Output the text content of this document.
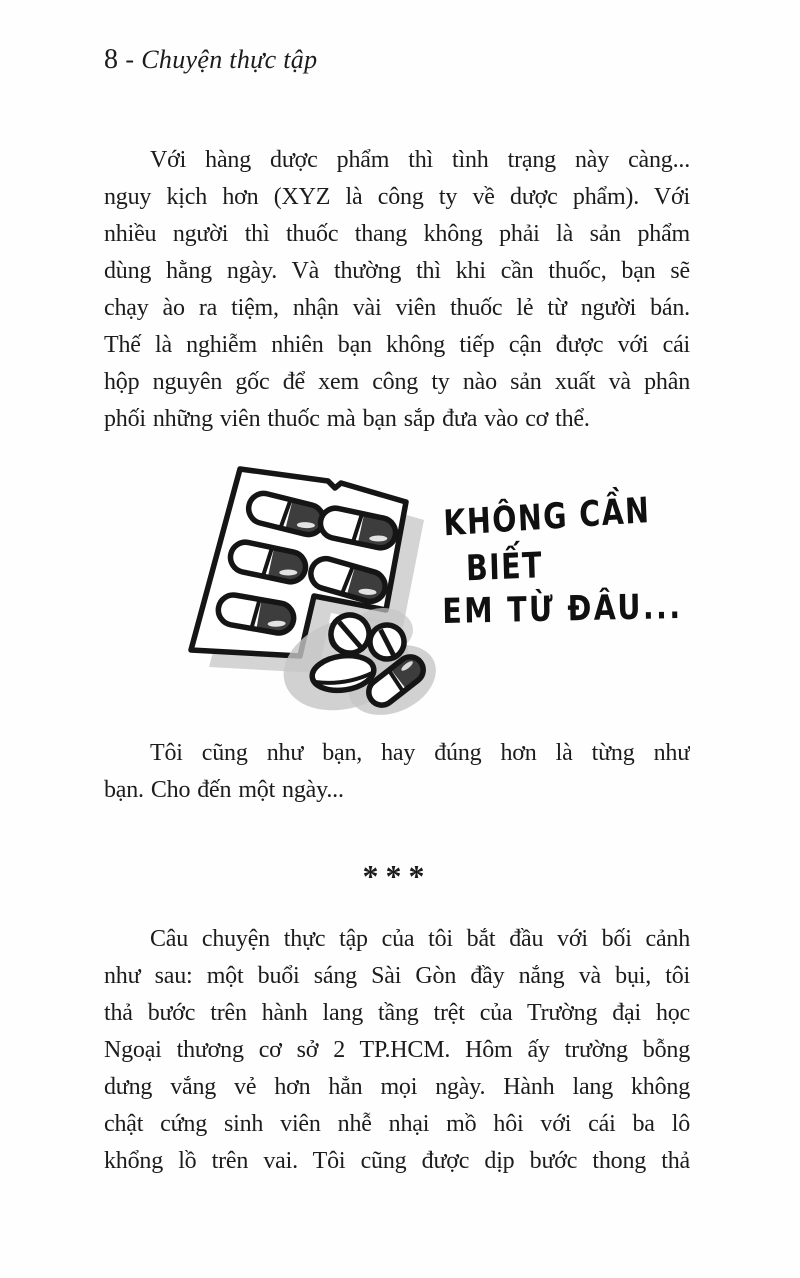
8 - Chuyện thực tập
Với hàng dược phẩm thì tình trạng này càng...
nguy kịch hơn (XYZ là công ty về dược phẩm). Với
nhiều người thì thuốc thang không phải là sản phẩm
dùng hằng ngày. Và thường thì khi cần thuốc, bạn sẽ
chạy ào ra tiệm, nhận vài viên thuốc lẻ từ người bán.
Thế là nghiễm nhiên bạn không tiếp cận được với cái
hộp nguyên gốc để xem công ty nào sản xuất và phân
phối những viên thuốc mà bạn sắp đưa vào cơ thể.
KHÔNG CẦN
BIẾT
EM TỪ ĐÂU...
Tôi cũng như bạn, hay đúng hơn là từng như
bạn. Cho đến một ngày...
***
Câu chuyện thực tập của tôi bắt đầu với bối cảnh
như sau: một buổi sáng Sài Gòn đầy nắng và bụi, tôi
thả bước trên hành lang tầng trệt của Trường đại học
Ngoại thương cơ sở 2 TP.HCM. Hôm ấy trường bỗng
dưng vắng vẻ hơn hẳn mọi ngày. Hành lang không
chật cứng sinh viên nhễ nhại mồ hôi với cái ba lô
khổng lồ trên vai. Tôi cũng được dịp bước thong thả
